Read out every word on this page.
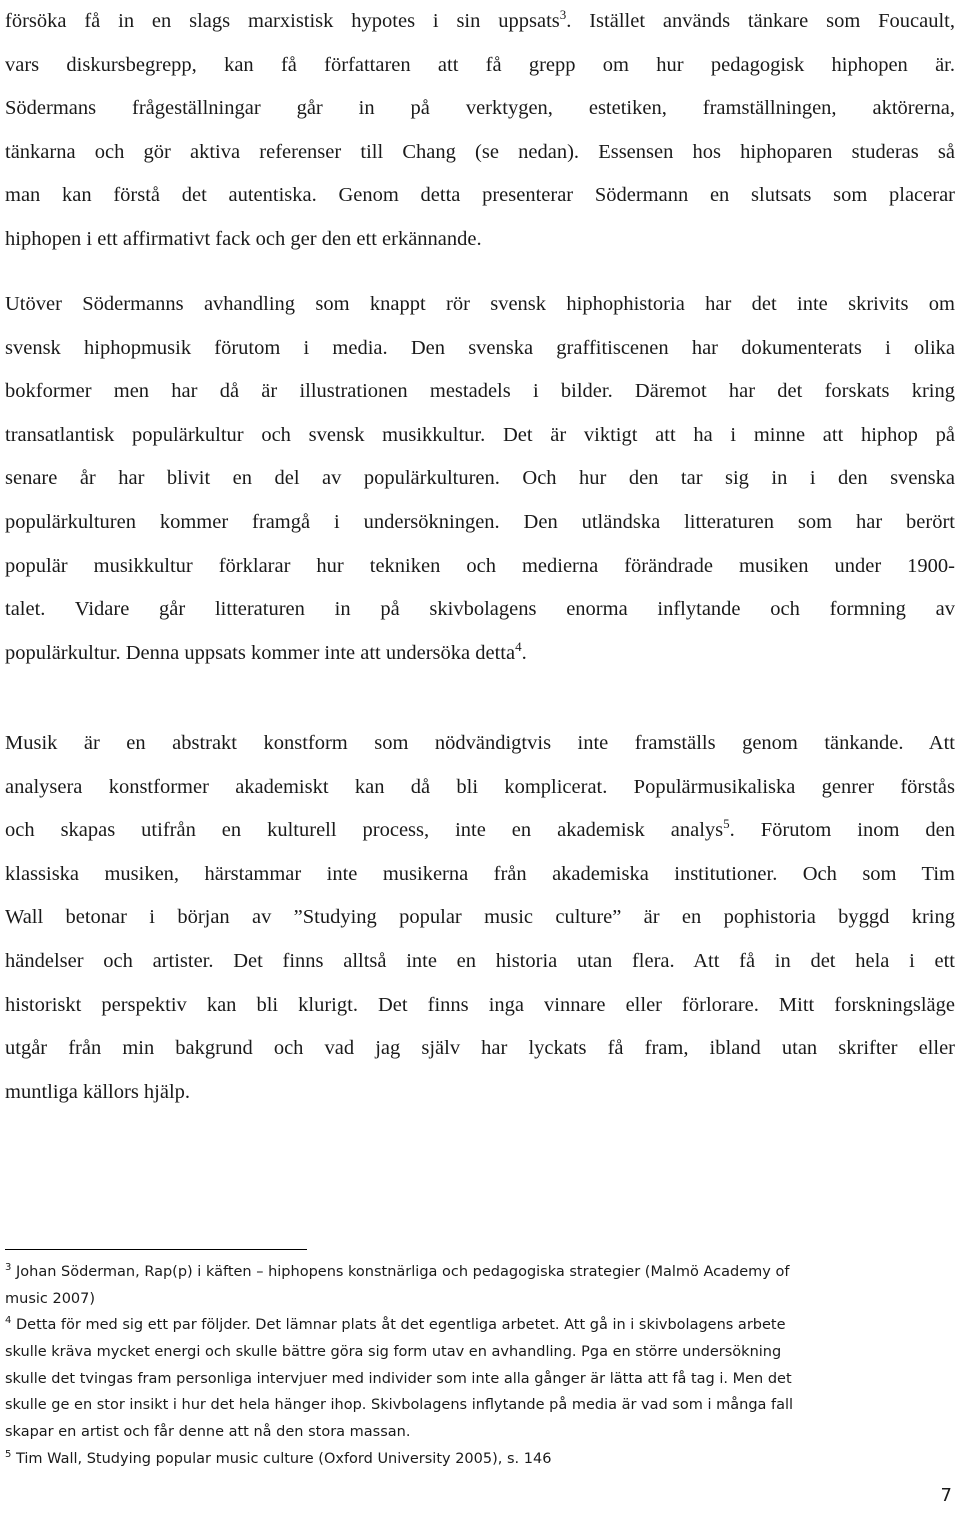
försöka få in en slags marxistisk hypotes i sin uppsats$^3$. Istället används tänkare som Foucault,
vars diskursbegrepp, kan få författaren att få grepp om hur pedagogisk hiphopen är.
Södermans frågeställningar går in på verktygen, estetiken, framställningen, aktörerna,
tänkarna och gör aktiva referenser till Chang (se nedan). Essensen hos hiphoparen studeras så
man kan förstå det autentiska. Genom detta presenterar Södermann en slutsats som placerar
hiphopen i ett affirmativt fack och ger den ett erkännande.
Utöver Södermanns avhandling som knappt rör svensk hiphophistoria har det inte skrivits om
svensk hiphopmusik förutom i media. Den svenska graffitiscenen har dokumenterats i olika
bokformer men har då är illustrationen mestadels i bilder. Däremot har det forskats kring
transatlantisk populärkultur och svensk musikkultur. Det är viktigt att ha i minne att hiphop på
senare år har blivit en del av populärkulturen. Och hur den tar sig in i den svenska
populärkulturen kommer framgå i undersökningen. Den utländska litteraturen som har berört
populär musikkultur förklarar hur tekniken och medierna förändrade musiken under 1900-
talet. Vidare går litteraturen in på skivbolagens enorma inflytande och formning av
populärkultur. Denna uppsats kommer inte att undersöka detta$^4$.
Musik är en abstrakt konstform som nödvändigtvis inte framställs genom tänkande. Att
analysera konstformer akademiskt kan då bli komplicerat. Populärmusikaliska genrer förstås
och skapas utifrån en kulturell process, inte en akademisk analys$^5$. Förutom inom den
klassiska musiken, härstammar inte musikerna från akademiska institutioner. Och som Tim
Wall betonar i början av ”Studying popular music culture” är en pophistoria byggd kring
händelser och artister. Det finns alltså inte en historia utan flera. Att få in det hela i ett
historiskt perspektiv kan bli klurigt. Det finns inga vinnare eller förlorare. Mitt forskningsläge
utgår från min bakgrund och vad jag själv har lyckats få fram, ibland utan skrifter eller
muntliga källors hjälp.
$^3$ Johan Söderman, Rap(p) i käften – hiphopens konstnärliga och pedagogiska strategier (Malmö Academy of
music 2007)
$^4$ Detta för med sig ett par följder. Det lämnar plats åt det egentliga arbetet. Att gå in i skivbolagens arbete
skulle kräva mycket energi och skulle bättre göra sig form utav en avhandling. Pga en större undersökning
skulle det tvingas fram personliga intervjuer med individer som inte alla gånger är lätta att få tag i. Men det
skulle ge en stor insikt i hur det hela hänger ihop. Skivbolagens inflytande på media är vad som i många fall
skapar en artist och får denne att nå den stora massan.
$^5$ Tim Wall, Studying popular music culture (Oxford University 2005), s. 146
7
